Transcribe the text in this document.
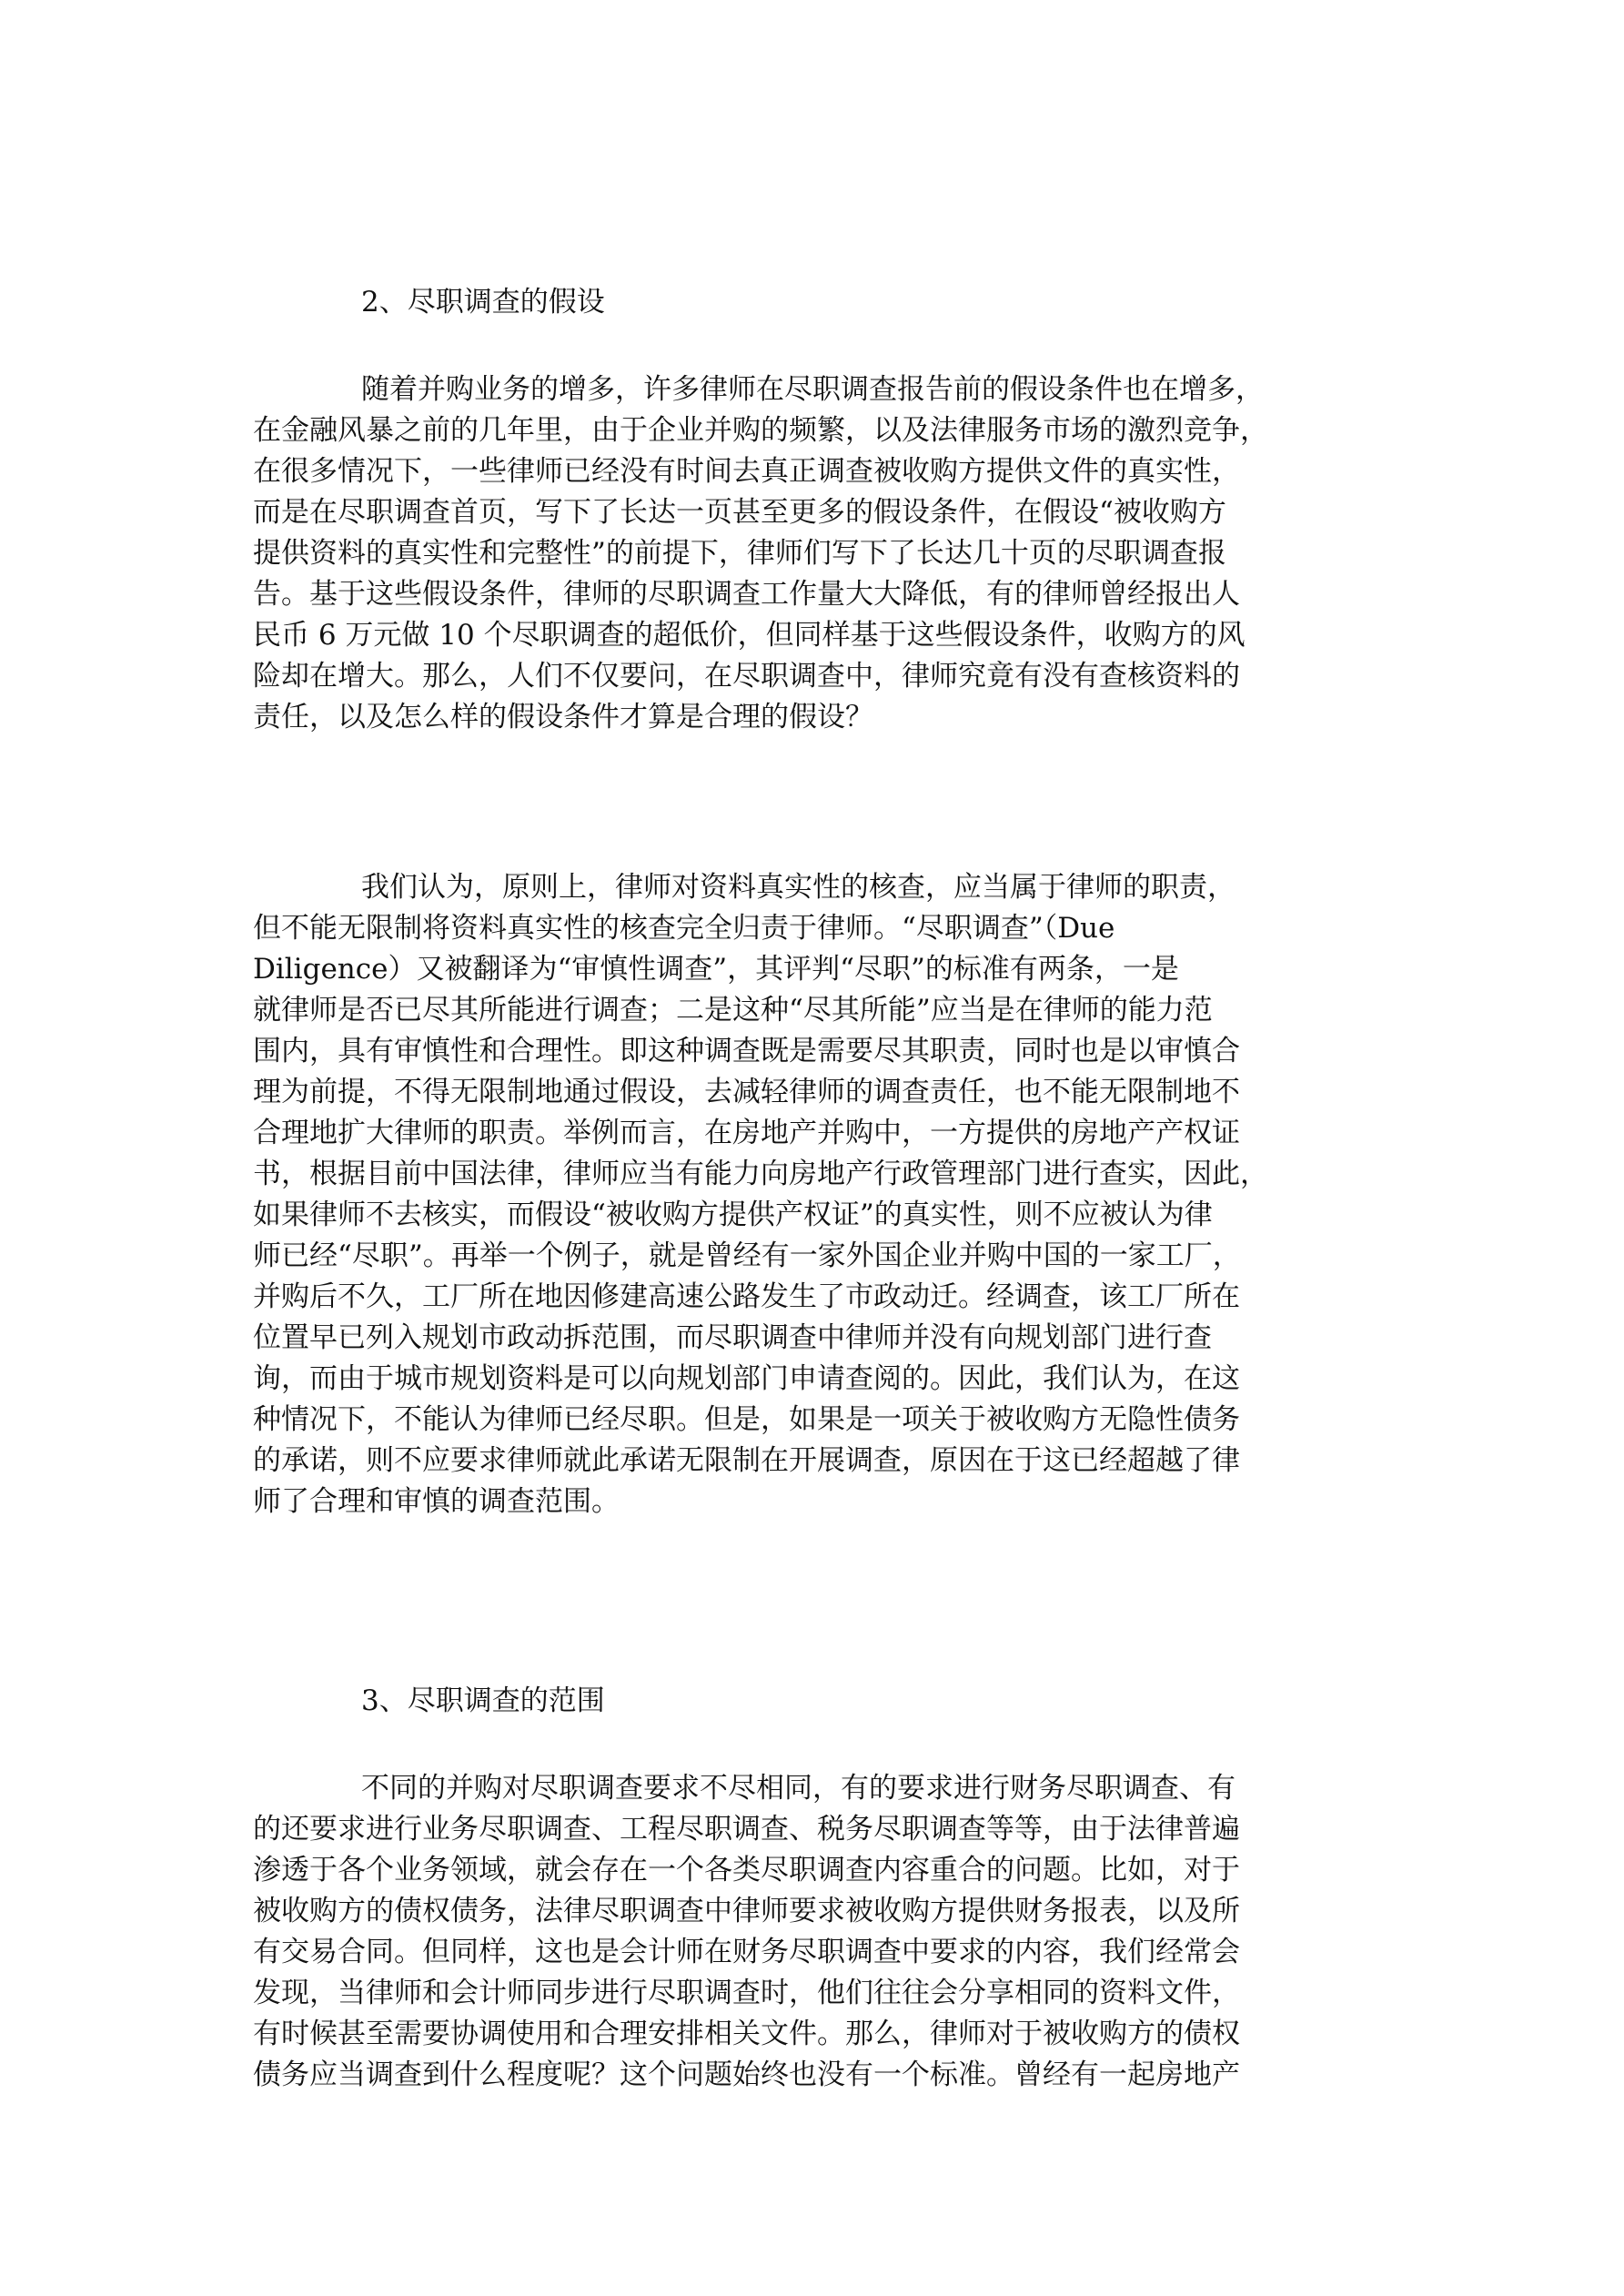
2、尽职调查的假设
随着并购业务的增多，许多律师在尽职调查报告前的假设条件也在增多，
在金融风暴之前的几年里，由于企业并购的频繁，以及法律服务市场的激烈竞争，
在很多情况下，一些律师已经没有时间去真正调查被收购方提供文件的真实性，
而是在尽职调查首页，写下了长达一页甚至更多的假设条件，在假设“被收购方
提供资料的真实性和完整性”的前提下，律师们写下了长达几十页的尽职调查报
告。基于这些假设条件，律师的尽职调查工作量大大降低，有的律师曾经报出人
民币 6 万元做 10 个尽职调查的超低价，但同样基于这些假设条件，收购方的风
险却在增大。那么，人们不仅要问，在尽职调查中，律师究竟有没有查核资料的
责任，以及怎么样的假设条件才算是合理的假设？
我们认为，原则上，律师对资料真实性的核查，应当属于律师的职责，
但不能无限制将资料真实性的核查完全归责于律师。“尽职调查”（Due
Diligence）又被翻译为“审慎性调查”，其评判“尽职”的标准有两条，一是
就律师是否已尽其所能进行调查；二是这种“尽其所能”应当是在律师的能力范
围内，具有审慎性和合理性。即这种调查既是需要尽其职责，同时也是以审慎合
理为前提，不得无限制地通过假设，去减轻律师的调查责任，也不能无限制地不
合理地扩大律师的职责。举例而言，在房地产并购中，一方提供的房地产产权证
书，根据目前中国法律，律师应当有能力向房地产行政管理部门进行查实，因此，
如果律师不去核实，而假设“被收购方提供产权证”的真实性，则不应被认为律
师已经“尽职”。再举一个例子，就是曾经有一家外国企业并购中国的一家工厂，
并购后不久，工厂所在地因修建高速公路发生了市政动迁。经调查，该工厂所在
位置早已列入规划市政动拆范围，而尽职调查中律师并没有向规划部门进行查
询，而由于城市规划资料是可以向规划部门申请查阅的。因此，我们认为，在这
种情况下，不能认为律师已经尽职。但是，如果是一项关于被收购方无隐性债务
的承诺，则不应要求律师就此承诺无限制在开展调查，原因在于这已经超越了律
师了合理和审慎的调查范围。
3、尽职调查的范围
不同的并购对尽职调查要求不尽相同，有的要求进行财务尽职调查、有
的还要求进行业务尽职调查、工程尽职调查、税务尽职调查等等，由于法律普遍
渗透于各个业务领域，就会存在一个各类尽职调查内容重合的问题。比如，对于
被收购方的债权债务，法律尽职调查中律师要求被收购方提供财务报表，以及所
有交易合同。但同样，这也是会计师在财务尽职调查中要求的内容，我们经常会
发现，当律师和会计师同步进行尽职调查时，他们往往会分享相同的资料文件，
有时候甚至需要协调使用和合理安排相关文件。那么，律师对于被收购方的债权
债务应当调查到什么程度呢？这个问题始终也没有一个标准。曾经有一起房地产
